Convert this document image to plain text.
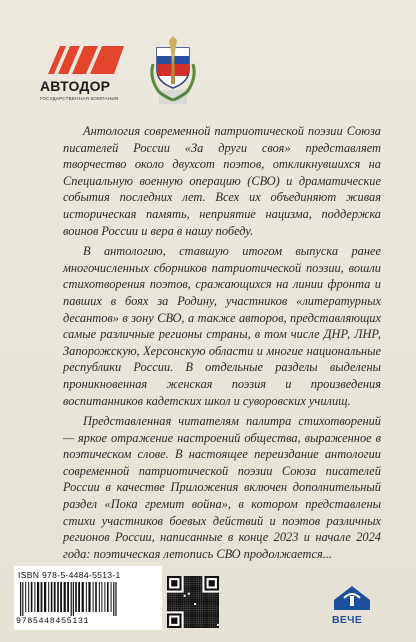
АВТОДОР
ГОСУДАРСТВЕННАЯ КОМПАНИЯ

Антология современной патриотической поэзии Союза писателей России «За други своя» представляет творчество около двухсот поэтов, откликнувшихся на Специальную военную операцию (СВО) и драматические события последних лет. Всех их объединяют живая историческая память, неприятие нацизма, поддержка воинов России и вера в нашу победу.

В антологию, ставшую итогом выпуска ранее многочисленных сборников патриотической поэзии, вошли стихотворения поэтов, сражающихся на линии фронта и павших в боях за Родину, участников «литературных десантов» в зону СВО, а также авторов, представляющих самые различные регионы страны, в том числе ДНР, ЛНР, Запорожскую, Херсонскую области и многие национальные республики России. В отдельные разделы выделены проникновенная женская поэзия и произведения воспитанников кадетских школ и суворовских училищ.

Представленная читателям палитра стихотворений — яркое отражение настроений общества, выраженное в поэтическом слове. В настоящее переиздание антологии современной патриотической поэзии Союза писателей России в качестве Приложения включен дополнительный раздел «Пока гремит война», в котором представлены стихи участников боевых действий и поэтов различных регионов России, написанные в конце 2023 и начале 2024 года: поэтическая летопись СВО продолжается...

ISBN 978-5-4484-5513-1
9785448455131	ВЕЧЕ
